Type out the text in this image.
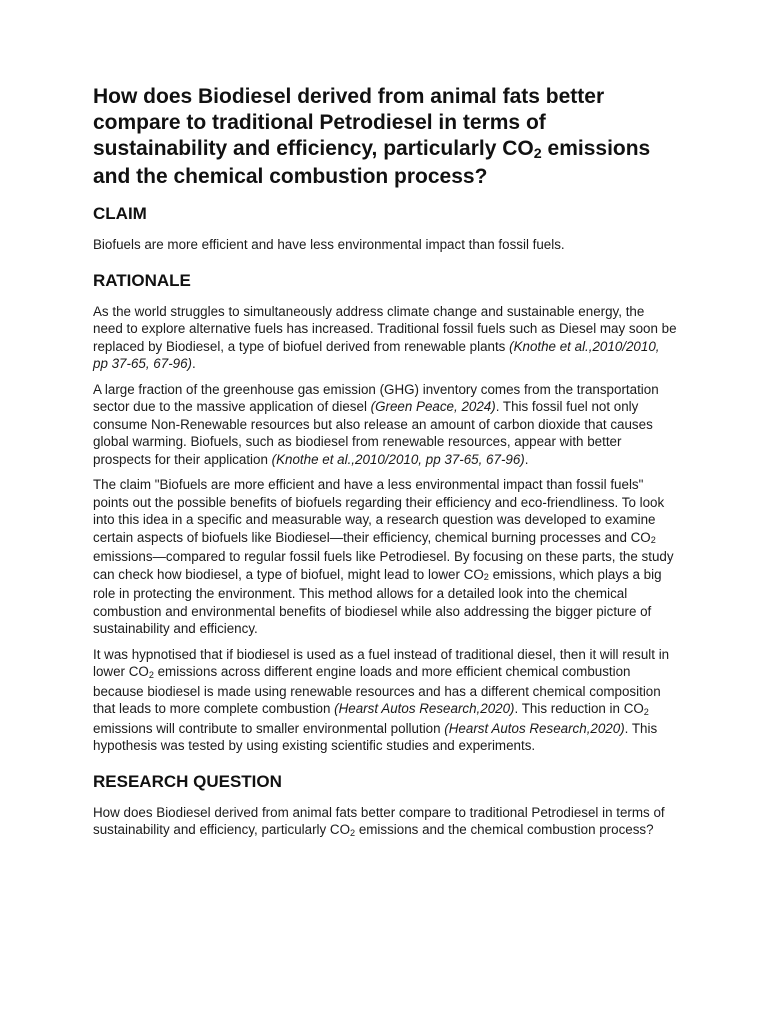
How does Biodiesel derived from animal fats better compare to traditional Petrodiesel in terms of sustainability and efficiency, particularly CO2 emissions and the chemical combustion process?
CLAIM

Biofuels are more efficient and have less environmental impact than fossil fuels.

RATIONALE

As the world struggles to simultaneously address climate change and sustainable energy, the need to explore alternative fuels has increased. Traditional fossil fuels such as Diesel may soon be replaced by Biodiesel, a type of biofuel derived from renewable plants (Knothe et al.,2010/2010, pp 37-65, 67-96).

A large fraction of the greenhouse gas emission (GHG) inventory comes from the transportation sector due to the massive application of diesel (Green Peace, 2024). This fossil fuel not only consume Non-Renewable resources but also release an amount of carbon dioxide that causes global warming. Biofuels, such as biodiesel from renewable resources, appear with better prospects for their application (Knothe et al.,2010/2010, pp 37-65, 67-96).

The claim "Biofuels are more efficient and have a less environmental impact than fossil fuels" points out the possible benefits of biofuels regarding their efficiency and eco-friendliness. To look into this idea in a specific and measurable way, a research question was developed to examine certain aspects of biofuels like Biodiesel—their efficiency, chemical burning processes and CO2 emissions—compared to regular fossil fuels like Petrodiesel. By focusing on these parts, the study can check how biodiesel, a type of biofuel, might lead to lower CO2 emissions, which plays a big role in protecting the environment. This method allows for a detailed look into the chemical combustion and environmental benefits of biodiesel while also addressing the bigger picture of sustainability and efficiency.

It was hypnotised that if biodiesel is used as a fuel instead of traditional diesel, then it will result in lower CO2 emissions across different engine loads and more efficient chemical combustion because biodiesel is made using renewable resources and has a different chemical composition that leads to more complete combustion (Hearst Autos Research,2020). This reduction in CO2 emissions will contribute to smaller environmental pollution (Hearst Autos Research,2020). This hypothesis was tested by using existing scientific studies and experiments.

RESEARCH QUESTION

How does Biodiesel derived from animal fats better compare to traditional Petrodiesel in terms of sustainability and efficiency, particularly CO2 emissions and the chemical combustion process?
